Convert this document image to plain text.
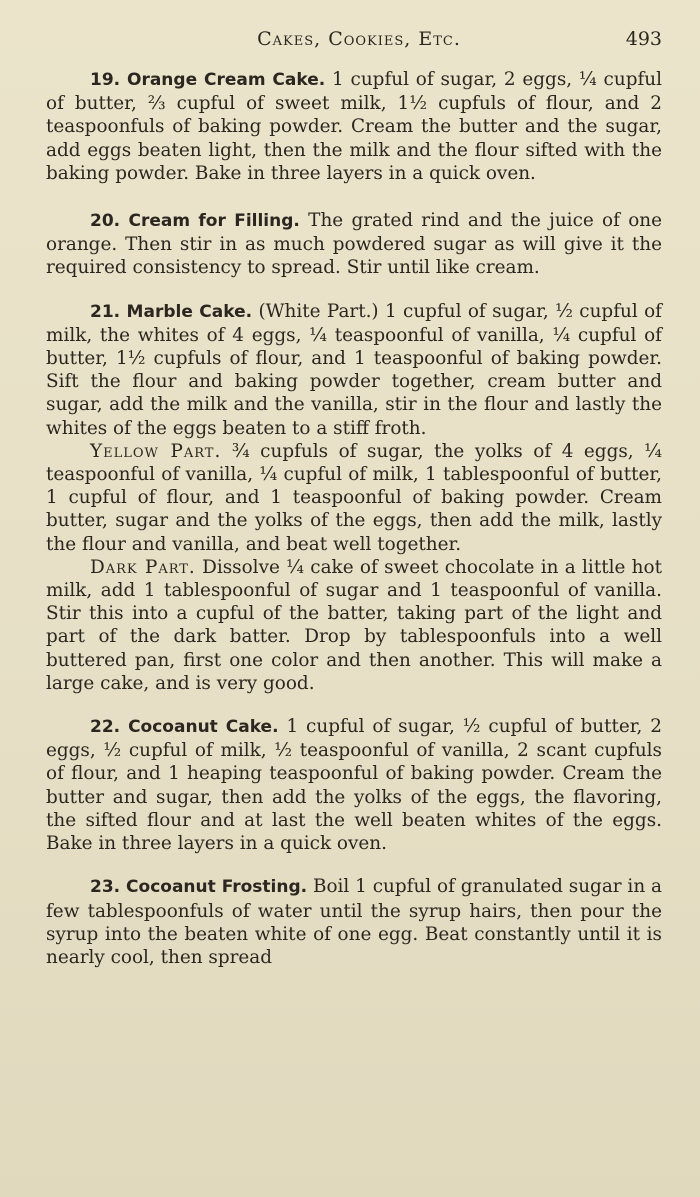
Cakes, Cookies, Etc.	493

19. Orange Cream Cake. 1 cupful of sugar, 2 eggs, ¼ cupful of butter, ⅔ cupful of sweet milk, 1½ cupfuls of flour, and 2 teaspoonfuls of baking powder. Cream the butter and the sugar, add eggs beaten light, then the milk and the flour sifted with the baking powder. Bake in three layers in a quick oven.

20. Cream for Filling. The grated rind and the juice of one orange. Then stir in as much powdered sugar as will give it the required consistency to spread. Stir until like cream.

21. Marble Cake. (White Part.) 1 cupful of sugar, ½ cupful of milk, the whites of 4 eggs, ¼ teaspoonful of vanilla, ¼ cupful of butter, 1½ cupfuls of flour, and 1 teaspoonful of baking powder. Sift the flour and baking powder together, cream butter and sugar, add the milk and the vanilla, stir in the flour and lastly the whites of the eggs beaten to a stiff froth.

Yellow Part. ¾ cupfuls of sugar, the yolks of 4 eggs, ¼ teaspoonful of vanilla, ¼ cupful of milk, 1 tablespoonful of butter, 1 cupful of flour, and 1 teaspoonful of baking powder. Cream butter, sugar and the yolks of the eggs, then add the milk, lastly the flour and vanilla, and beat well together.

Dark Part. Dissolve ¼ cake of sweet chocolate in a little hot milk, add 1 tablespoonful of sugar and 1 teaspoonful of vanilla. Stir this into a cupful of the batter, taking part of the light and part of the dark batter. Drop by tablespoonfuls into a well buttered pan, first one color and then another. This will make a large cake, and is very good.

22. Cocoanut Cake. 1 cupful of sugar, ½ cupful of butter, 2 eggs, ½ cupful of milk, ½ teaspoonful of vanilla, 2 scant cupfuls of flour, and 1 heaping teaspoonful of baking powder. Cream the butter and sugar, then add the yolks of the eggs, the flavoring, the sifted flour and at last the well beaten whites of the eggs. Bake in three layers in a quick oven.

23. Cocoanut Frosting. Boil 1 cupful of granulated sugar in a few tablespoonfuls of water until the syrup hairs, then pour the syrup into the beaten white of one egg. Beat constantly until it is nearly cool, then spread
